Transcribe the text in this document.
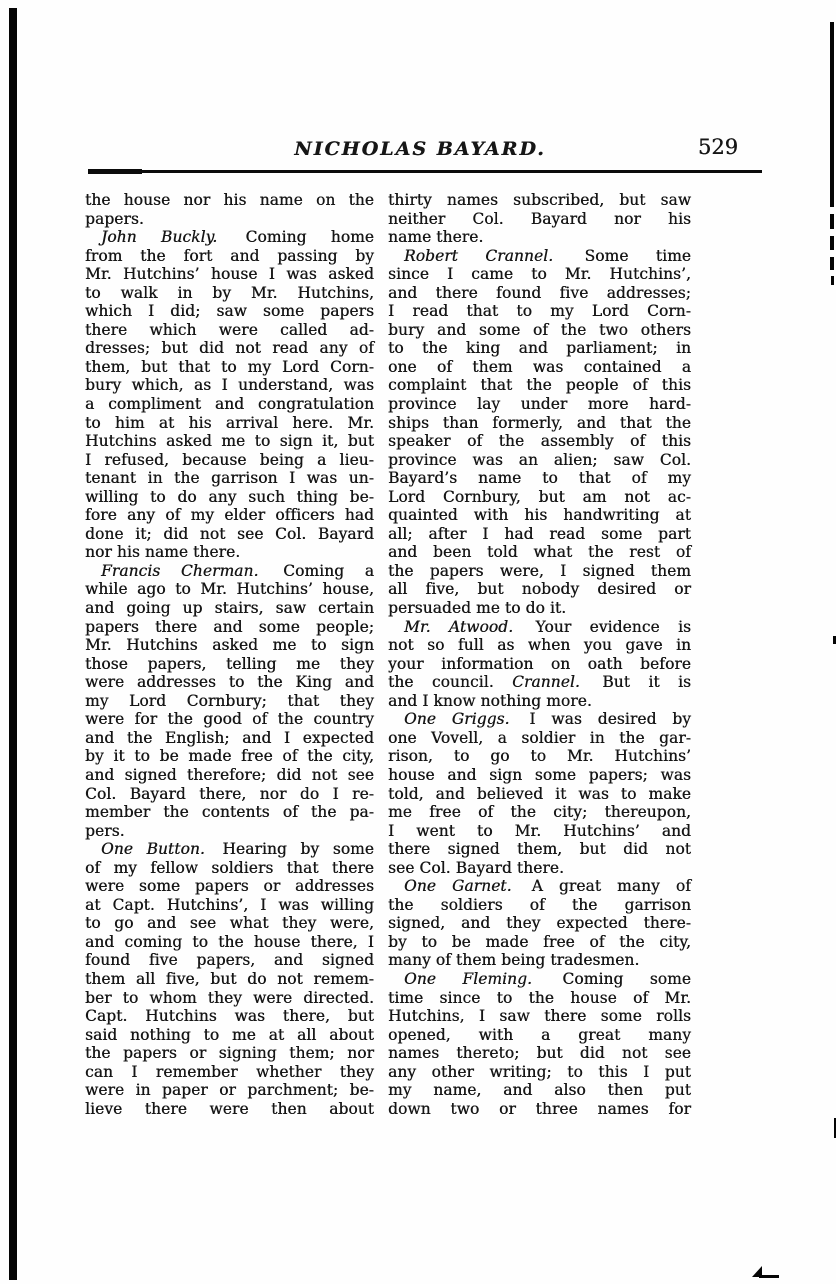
NICHOLAS BAYARD.	529
the house nor his name on the
papers.
John Buckly. Coming home
from the fort and passing by
Mr. Hutchins’ house I was asked
to walk in by Mr. Hutchins,
which I did; saw some papers
there which were called ad-
dresses; but did not read any of
them, but that to my Lord Corn-
bury which, as I understand, was
a compliment and congratulation
to him at his arrival here. Mr.
Hutchins asked me to sign it, but
I refused, because being a lieu-
tenant in the garrison I was un-
willing to do any such thing be-
fore any of my elder officers had
done it; did not see Col. Bayard
nor his name there.
Francis Cherman. Coming a
while ago to Mr. Hutchins’ house,
and going up stairs, saw certain
papers there and some people;
Mr. Hutchins asked me to sign
those papers, telling me they
were addresses to the King and
my Lord Cornbury; that they
were for the good of the country
and the English; and I expected
by it to be made free of the city,
and signed therefore; did not see
Col. Bayard there, nor do I re-
member the contents of the pa-
pers.
One Button. Hearing by some
of my fellow soldiers that there
were some papers or addresses
at Capt. Hutchins’, I was willing
to go and see what they were,
and coming to the house there, I
found five papers, and signed
them all five, but do not remem-
ber to whom they were directed.
Capt. Hutchins was there, but
said nothing to me at all about
the papers or signing them; nor
can I remember whether they
were in paper or parchment; be-
lieve there were then about
thirty names subscribed, but saw
neither Col. Bayard nor his
name there.
Robert Crannel. Some time
since I came to Mr. Hutchins’,
and there found five addresses;
I read that to my Lord Corn-
bury and some of the two others
to the king and parliament; in
one of them was contained a
complaint that the people of this
province lay under more hard-
ships than formerly, and that the
speaker of the assembly of this
province was an alien; saw Col.
Bayard’s name to that of my
Lord Cornbury, but am not ac-
quainted with his handwriting at
all; after I had read some part
and been told what the rest of
the papers were, I signed them
all five, but nobody desired or
persuaded me to do it.
Mr. Atwood. Your evidence is
not so full as when you gave in
your information on oath before
the council. Crannel. But it is
and I know nothing more.
One Griggs. I was desired by
one Vovell, a soldier in the gar-
rison, to go to Mr. Hutchins’
house and sign some papers; was
told, and believed it was to make
me free of the city; thereupon,
I went to Mr. Hutchins’ and
there signed them, but did not
see Col. Bayard there.
One Garnet. A great many of
the soldiers of the garrison
signed, and they expected there-
by to be made free of the city,
many of them being tradesmen.
One Fleming. Coming some
time since to the house of Mr.
Hutchins, I saw there some rolls
opened, with a great many
names thereto; but did not see
any other writing; to this I put
my name, and also then put
down two or three names for
